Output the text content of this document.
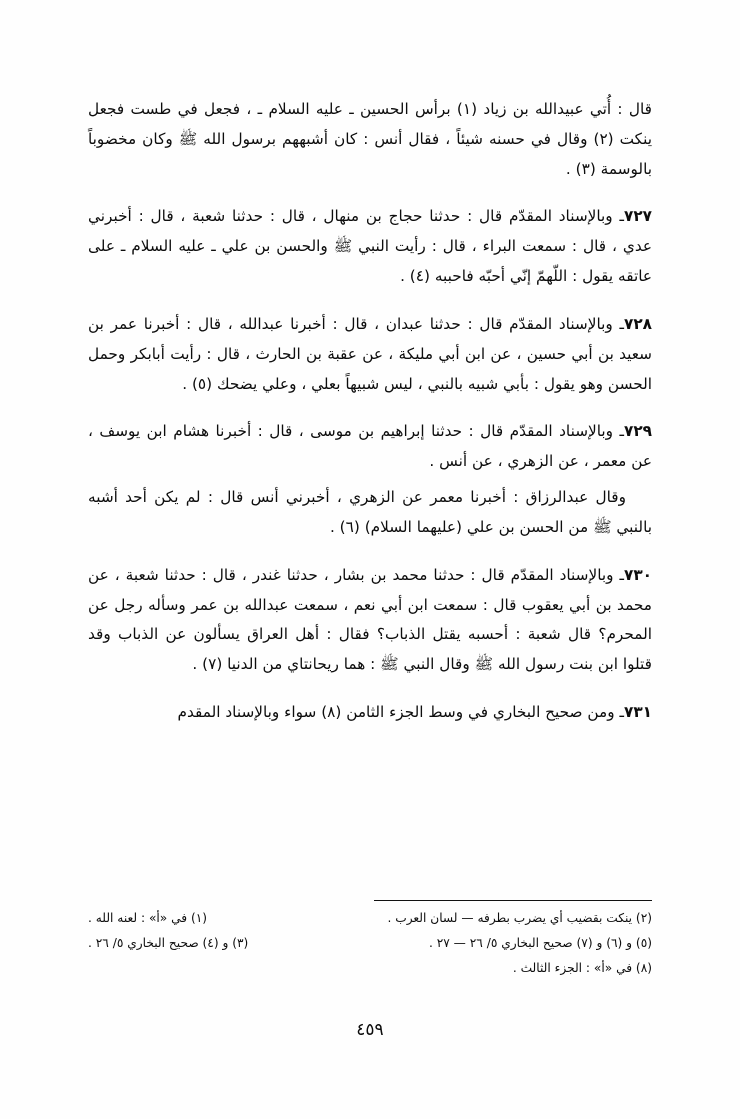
قال : أُتي عبيدالله بن زياد (١) برأس الحسين ـ عليه السلام ـ ، فجعل في طست فجعل ينكت (٢) وقال في حسنه شيئاً ، فقال أنس : كان أشبههم برسول الله ﷺ وكان مخضوباً بالوسمة (٣) .

٧٢٧ـ وبالإسناد المقدّم قال : حدثنا حجاج بن منهال ، قال : حدثنا شعبة ، قال : أخبرني عدي ، قال : سمعت البراء ، قال : رأيت النبي ﷺ والحسن بن علي ـ عليه السلام ـ على عاتقه يقول : اللّهمّ إنّي أحبّه فاحببه (٤) .

٧٢٨ـ وبالإسناد المقدّم قال : حدثنا عبدان ، قال : أخبرنا عبدالله ، قال : أخبرنا عمر بن سعيد بن أبي حسين ، عن ابن أبي مليكة ، عن عقبة بن الحارث ، قال : رأيت أبابكر وحمل الحسن وهو يقول : بأبي شبيه بالنبي ، ليس شبيهاً بعلي ، وعلي يضحك (٥) .

٧٢٩ـ وبالإسناد المقدّم قال : حدثنا إبراهيم بن موسى ، قال : أخبرنا هشام ابن يوسف ، عن معمر ، عن الزهري ، عن أنس .

وقال عبدالرزاق : أخبرنا معمر عن الزهري ، أخبرني أنس قال : لم يكن أحد أشبه بالنبي ﷺ من الحسن بن علي (عليهما السلام) (٦) .

٧٣٠ـ وبالإسناد المقدّم قال : حدثنا محمد بن بشار ، حدثنا غندر ، قال : حدثنا شعبة ، عن محمد بن أبي يعقوب قال : سمعت ابن أبي نعم ، سمعت عبدالله بن عمر وسأله رجل عن المحرم؟ قال شعبة : أحسبه يقتل الذباب؟ فقال : أهل العراق يسألون عن الذباب وقد قتلوا ابن بنت رسول الله ﷺ وقال النبي ﷺ : هما ريحانتاي من الدنيا (٧) .

٧٣١ـ ومن صحيح البخاري في وسط الجزء الثامن (٨) سواء وبالإسناد المقدم

(٢) ينكت بقضيب أي يضرب بطرفه — لسان العرب .
(١) في «أ» : لعنه الله .
(٥) و (٦) و (٧) صحيح البخاري ٥/ ٢٦ — ٢٧ .
(٣) و (٤) صحيح البخاري ٥/ ٢٦ .
(٨) في «أ» : الجزء الثالث .
٤٥٩
